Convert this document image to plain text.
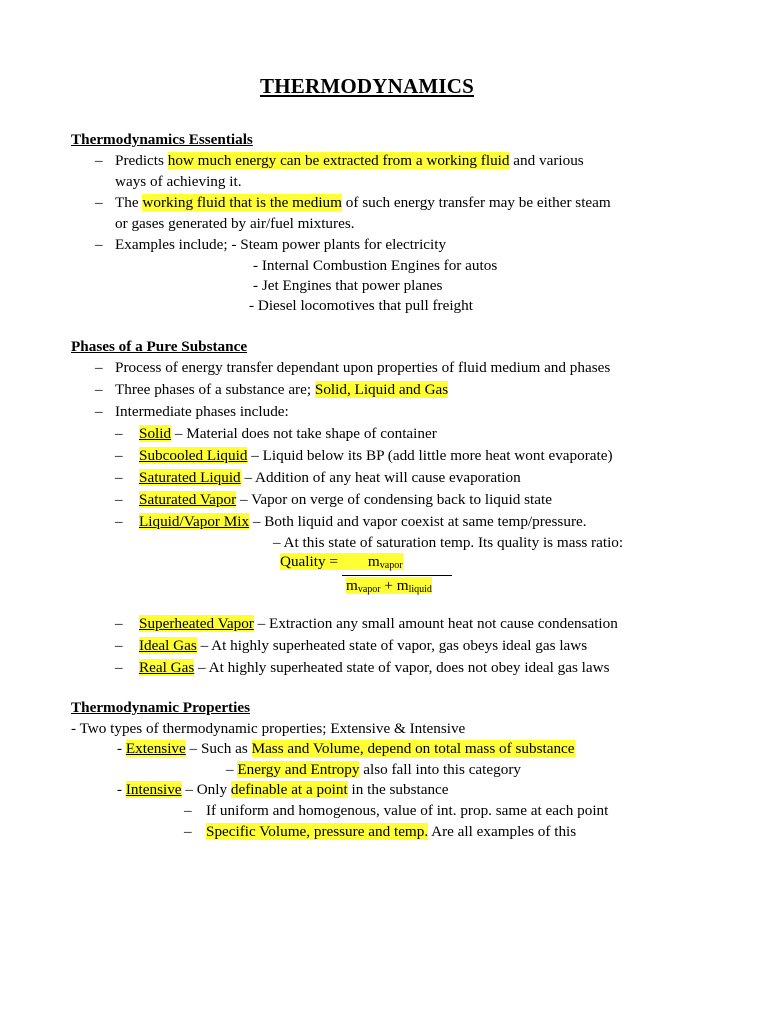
THERMODYNAMICS
Thermodynamics Essentials
– Predicts how much energy can be extracted from a working fluid and various
ways of achieving it.
– The working fluid that is the medium of such energy transfer may be either steam
or gases generated by air/fuel mixtures.
– Examples include; - Steam power plants for electricity
- Internal Combustion Engines for autos
- Jet Engines that power planes
- Diesel locomotives that pull freight
Phases of a Pure Substance
– Process of energy transfer dependant upon properties of fluid medium and phases
– Three phases of a substance are; Solid, Liquid and Gas
– Intermediate phases include:
– Solid – Material does not take shape of container
– Subcooled Liquid – Liquid below its BP (add little more heat wont evaporate)
– Saturated Liquid – Addition of any heat will cause evaporation
– Saturated Vapor – Vapor on verge of condensing back to liquid state
– Liquid/Vapor Mix – Both liquid and vapor coexist at same temp/pressure.
– At this state of saturation temp. Its quality is mass ratio:
Quality = $m_{vapor}$
$m_{vapor} + m_{liquid}$
– Superheated Vapor – Extraction any small amount heat not cause condensation
– Ideal Gas – At highly superheated state of vapor, gas obeys ideal gas laws
– Real Gas – At highly superheated state of vapor, does not obey ideal gas laws
Thermodynamic Properties
- Two types of thermodynamic properties; Extensive & Intensive
- Extensive – Such as Mass and Volume, depend on total mass of substance
– Energy and Entropy also fall into this category
- Intensive – Only definable at a point in the substance
– If uniform and homogenous, value of int. prop. same at each point
– Specific Volume, pressure and temp. Are all examples of this
